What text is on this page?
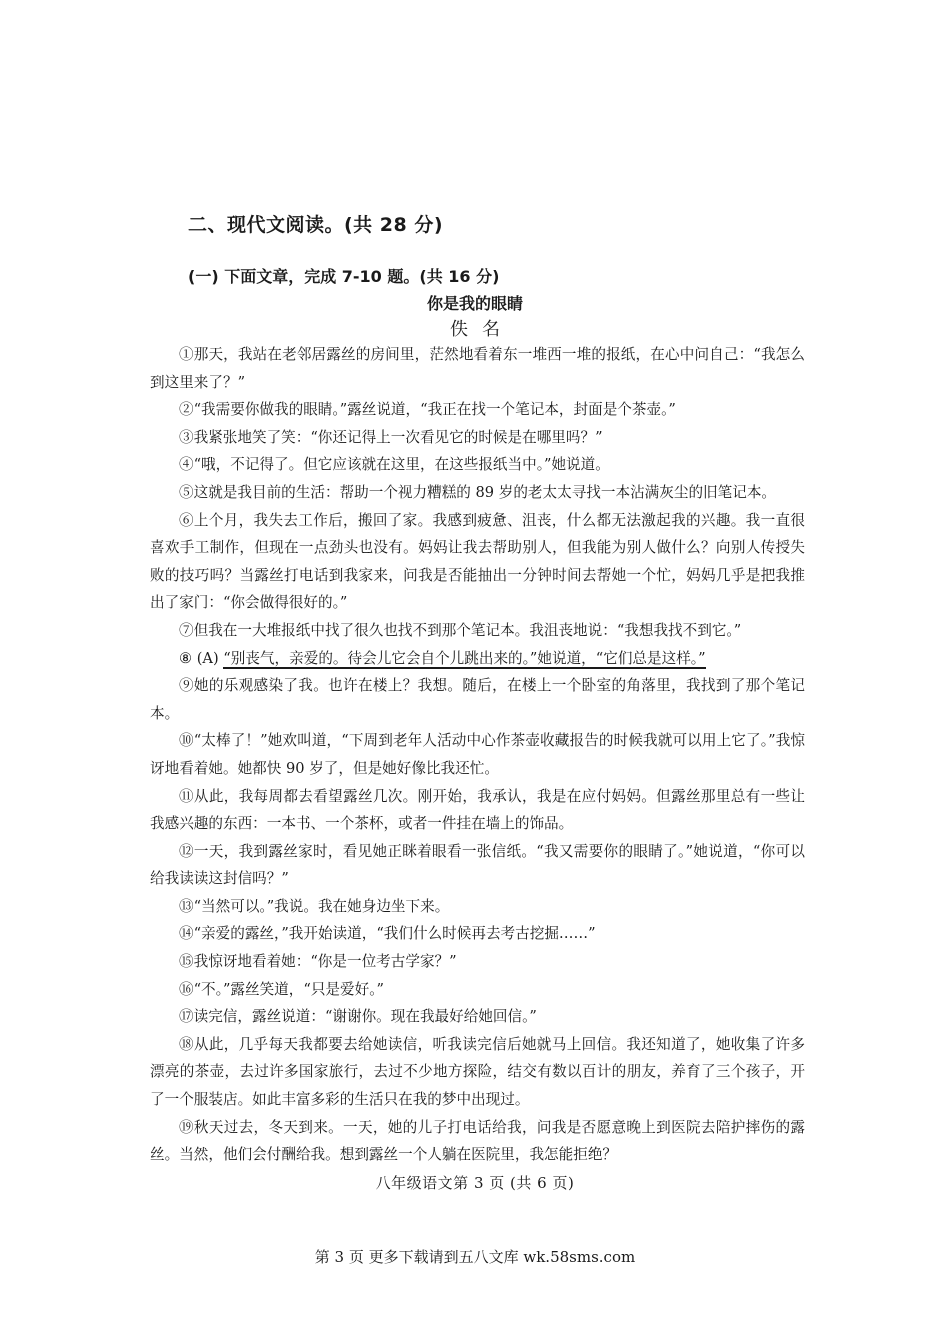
二、现代文阅读。(共 28 分)
(一) 下面文章，完成 7-10 题。(共 16 分)
你是我的眼睛
佚名

①那天，我站在老邻居露丝的房间里，茫然地看着东一堆西一堆的报纸，在心中问自己：“我怎么到这里来了？”

②“我需要你做我的眼睛。”露丝说道，“我正在找一个笔记本，封面是个茶壶。”

③我紧张地笑了笑：“你还记得上一次看见它的时候是在哪里吗？”

④“哦，不记得了。但它应该就在这里，在这些报纸当中。”她说道。

⑤这就是我目前的生活：帮助一个视力糟糕的 89 岁的老太太寻找一本沾满灰尘的旧笔记本。

⑥上个月，我失去工作后，搬回了家。我感到疲惫、沮丧，什么都无法激起我的兴趣。我一直很喜欢手工制作，但现在一点劲头也没有。妈妈让我去帮助别人，但我能为别人做什么？向别人传授失败的技巧吗？当露丝打电话到我家来，问我是否能抽出一分钟时间去帮她一个忙，妈妈几乎是把我推出了家门：“你会做得很好的。”

⑦但我在一大堆报纸中找了很久也找不到那个笔记本。我沮丧地说：“我想我找不到它。”

⑧ (A) “别丧气，亲爱的。待会儿它会自个儿跳出来的。”她说道，“它们总是这样。”

⑨她的乐观感染了我。也许在楼上？我想。随后，在楼上一个卧室的角落里，我找到了那个笔记本。

⑩“太棒了！”她欢叫道，“下周到老年人活动中心作茶壶收藏报告的时候我就可以用上它了。”我惊讶地看着她。她都快 90 岁了，但是她好像比我还忙。

⑪从此，我每周都去看望露丝几次。刚开始，我承认，我是在应付妈妈。但露丝那里总有一些让我感兴趣的东西：一本书、一个茶杯，或者一件挂在墙上的饰品。

⑫一天，我到露丝家时，看见她正眯着眼看一张信纸。“我又需要你的眼睛了。”她说道，“你可以给我读读这封信吗？”

⑬“当然可以。”我说。我在她身边坐下来。

⑭“亲爱的露丝，”我开始读道，“我们什么时候再去考古挖掘……”

⑮我惊讶地看着她：“你是一位考古学家？”

⑯“不。”露丝笑道，“只是爱好。”

⑰读完信，露丝说道：“谢谢你。现在我最好给她回信。”

⑱从此，几乎每天我都要去给她读信，听我读完信后她就马上回信。我还知道了，她收集了许多漂亮的茶壶，去过许多国家旅行，去过不少地方探险，结交有数以百计的朋友，养育了三个孩子，开了一个服装店。如此丰富多彩的生活只在我的梦中出现过。

⑲秋天过去，冬天到来。一天，她的儿子打电话给我，问我是否愿意晚上到医院去陪护摔伤的露丝。当然，他们会付酬给我。想到露丝一个人躺在医院里，我怎能拒绝？

八年级语文第 3 页 (共 6 页)
第 3 页 更多下载请到五八文库 wk.58sms.com
